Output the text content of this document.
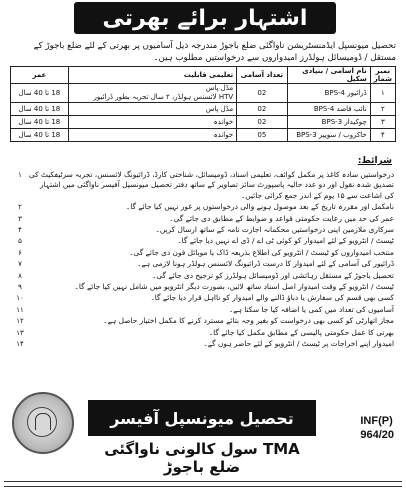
اشتہار برائے بھرتی
تحصیل میونسپل ایڈمنسٹریشن ناواگئی ضلع باجوڑ مندرجہ ذیل آسامیوں پر بھرتی کے لئے ضلع باجوڑ کے مستقل / ڈومیسائل ہولڈرز امیدواروں سے درخواستیں مطلوب ہیں۔
نمبر شمار	نام آسامی / بنیادی سکیل	تعداد آسامی	تعلیمی قابلیت	عمر
۱	ڈرائیور BPS-4	02	مڈل پاس
HTV لائسنس ہولڈر، ۲ سال تجربہ بطور ڈرائیور	18 تا 40 سال
۲	نائب قاصد BPS-4	02	مڈل پاس	18 تا 40 سال
۳	چوکیدار BPS-3	02	خواندہ	18 تا 40 سال
۴	خاکروب / سویپر BPS-3	05	خواندہ	18 تا 40 سال
شرائط:
۱ درخواستیں سادہ کاغذ پر مکمل کوائف، تعلیمی اسناد، ڈومیسائل، شناختی کارڈ، ڈرائیونگ لائسنس، تجربہ سرٹیفکیٹ کی تصدیق شدہ نقول اور دو عدد حالیہ پاسپورٹ سائز تصاویر کے ساتھ دفتر تحصیل میونسپل آفیسر ناواگئی میں اشتہار کی اشاعت سے ۱۵ یوم کے اندر جمع کرائی جائیں۔
۲	نامکمل اور مقررہ تاریخ کے بعد موصول ہونے والی درخواستوں پر غور نہیں کیا جائے گا۔
۳	عمر کی حد میں رعایت حکومتی قواعد و ضوابط کے مطابق دی جائے گی۔
۴	سرکاری ملازمین اپنی درخواستیں محکمانہ اجازت نامہ کے ساتھ ارسال کریں۔
۵	ٹیسٹ / انٹرویو کے لئے امیدوار کو کوئی ٹی اے / ڈی اے نہیں دیا جائے گا۔
۶	منتخب امیدواروں کو ٹیسٹ / انٹرویو کی اطلاع بذریعہ ڈاک یا موبائل فون دی جائے گی۔
۷	ڈرائیور کی آسامی کے لئے امیدوار کا درست ڈرائیونگ لائسنس ہولڈر ہونا لازمی ہے۔
۸	تحصیل باجوڑ کے مستقل رہائشی اور ڈومیسائل ہولڈرز کو ترجیح دی جائے گی۔
۹	ٹیسٹ / انٹرویو کے وقت امیدوار اصل اسناد ساتھ لائیں، بصورت دیگر انٹرویو میں شامل نہیں کیا جائے گا۔
۱۰	کسی بھی قسم کی سفارش یا دباؤ ڈالنے والے امیدوار کو نااہل قرار دیا جائے گا۔
۱۱	آسامیوں کی تعداد میں کمی یا اضافہ کیا جا سکتا ہے۔
۱۲	مجاز اتھارٹی کو کسی بھی درخواست کو بغیر وجہ بتائے مسترد کرنے کا مکمل اختیار حاصل ہے۔
۱۳	بھرتی کا عمل حکومتی پالیسی کے مطابق مکمل کیا جائے گا۔
۱۴	امیدوار اپنے اخراجات پر ٹیسٹ / انٹرویو کے لئے حاضر ہوں گے۔
تحصیل میونسپل آفیسر
TMA سول کالونی ناواگئی ضلع باجوڑ
INF(P)
964/20
